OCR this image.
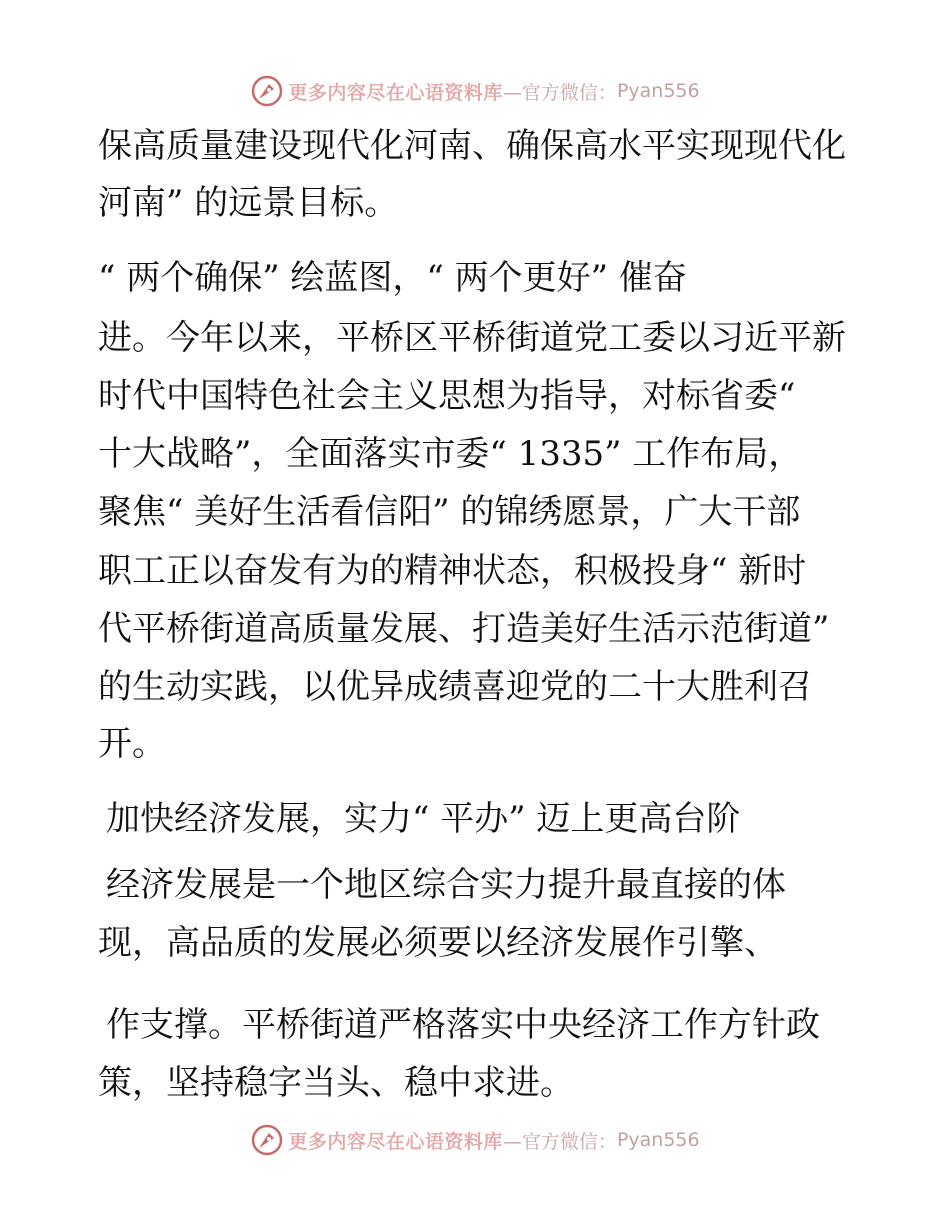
更多内容尽在心语资料库 —官方微信： Pyan556
保高质量建设现代化河南、确保高水平实现现代化
河南” 的远景目标。
“ 两个确保” 绘蓝图，“ 两个更好” 催奋
进。今年以来，平桥区平桥街道党工委以习近平新
时代中国特色社会主义思想为指导，对标省委“
十大战略”，全面落实市委“ 1335” 工作布局，
聚焦“ 美好生活看信阳” 的锦绣愿景，广大干部
职工正以奋发有为的精神状态，积极投身“ 新时
代平桥街道高质量发展、打造美好生活示范街道”
的生动实践，以优异成绩喜迎党的二十大胜利召
开。
加快经济发展，实力“ 平办” 迈上更高台阶
经济发展是一个地区综合实力提升最直接的体
现，高品质的发展必须要以经济发展作引擎、
作支撑。平桥街道严格落实中央经济工作方针政
策，坚持稳字当头、稳中求进。
更多内容尽在心语资料库 —官方微信： Pyan556
